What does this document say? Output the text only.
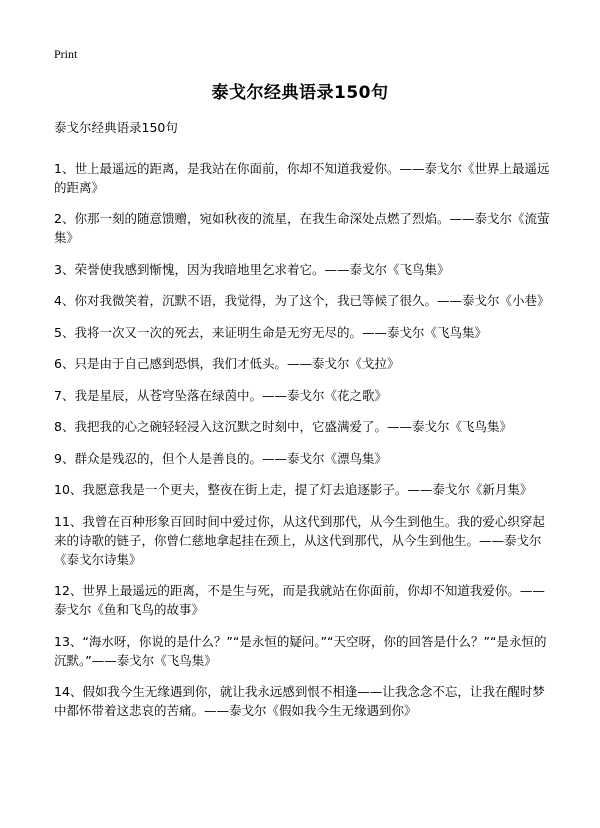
Print
泰戈尔经典语录150句
泰戈尔经典语录150句

1、世上最遥远的距离，是我站在你面前，你却不知道我爱你。——泰戈尔《世界上最遥远的距离》

2、你那一刻的随意馈赠，宛如秋夜的流星，在我生命深处点燃了烈焰。——泰戈尔《流萤集》

3、荣誉使我感到惭愧，因为我暗地里乞求着它。——泰戈尔《飞鸟集》

4、你对我微笑着，沉默不语，我觉得，为了这个，我已等候了很久。——泰戈尔《小巷》

5、我将一次又一次的死去，来证明生命是无穷无尽的。——泰戈尔《飞鸟集》

6、只是由于自己感到恐惧，我们才低头。——泰戈尔《戈拉》

7、我是星辰，从苍穹坠落在绿茵中。——泰戈尔《花之歌》

8、我把我的心之碗轻轻浸入这沉默之时刻中，它盛满爱了。——泰戈尔《飞鸟集》

9、群众是残忍的，但个人是善良的。——泰戈尔《漂鸟集》

10、我愿意我是一个更夫，整夜在街上走，提了灯去追逐影子。——泰戈尔《新月集》

11、我曾在百种形象百回时间中爱过你，从这代到那代，从今生到他生。我的爱心织穿起来的诗歌的链子，你曾仁慈地拿起挂在颈上，从这代到那代，从今生到他生。——泰戈尔《泰戈尔诗集》

12、世界上最遥远的距离，不是生与死，而是我就站在你面前，你却不知道我爱你。——泰戈尔《鱼和飞鸟的故事》

13、“海水呀，你说的是什么？”“是永恒的疑问。”“天空呀，你的回答是什么？”“是永恒的沉默。”——泰戈尔《飞鸟集》

14、假如我今生无缘遇到你，就让我永远感到恨不相逢——让我念念不忘，让我在醒时梦中都怀带着这悲哀的苦痛。——泰戈尔《假如我今生无缘遇到你》
